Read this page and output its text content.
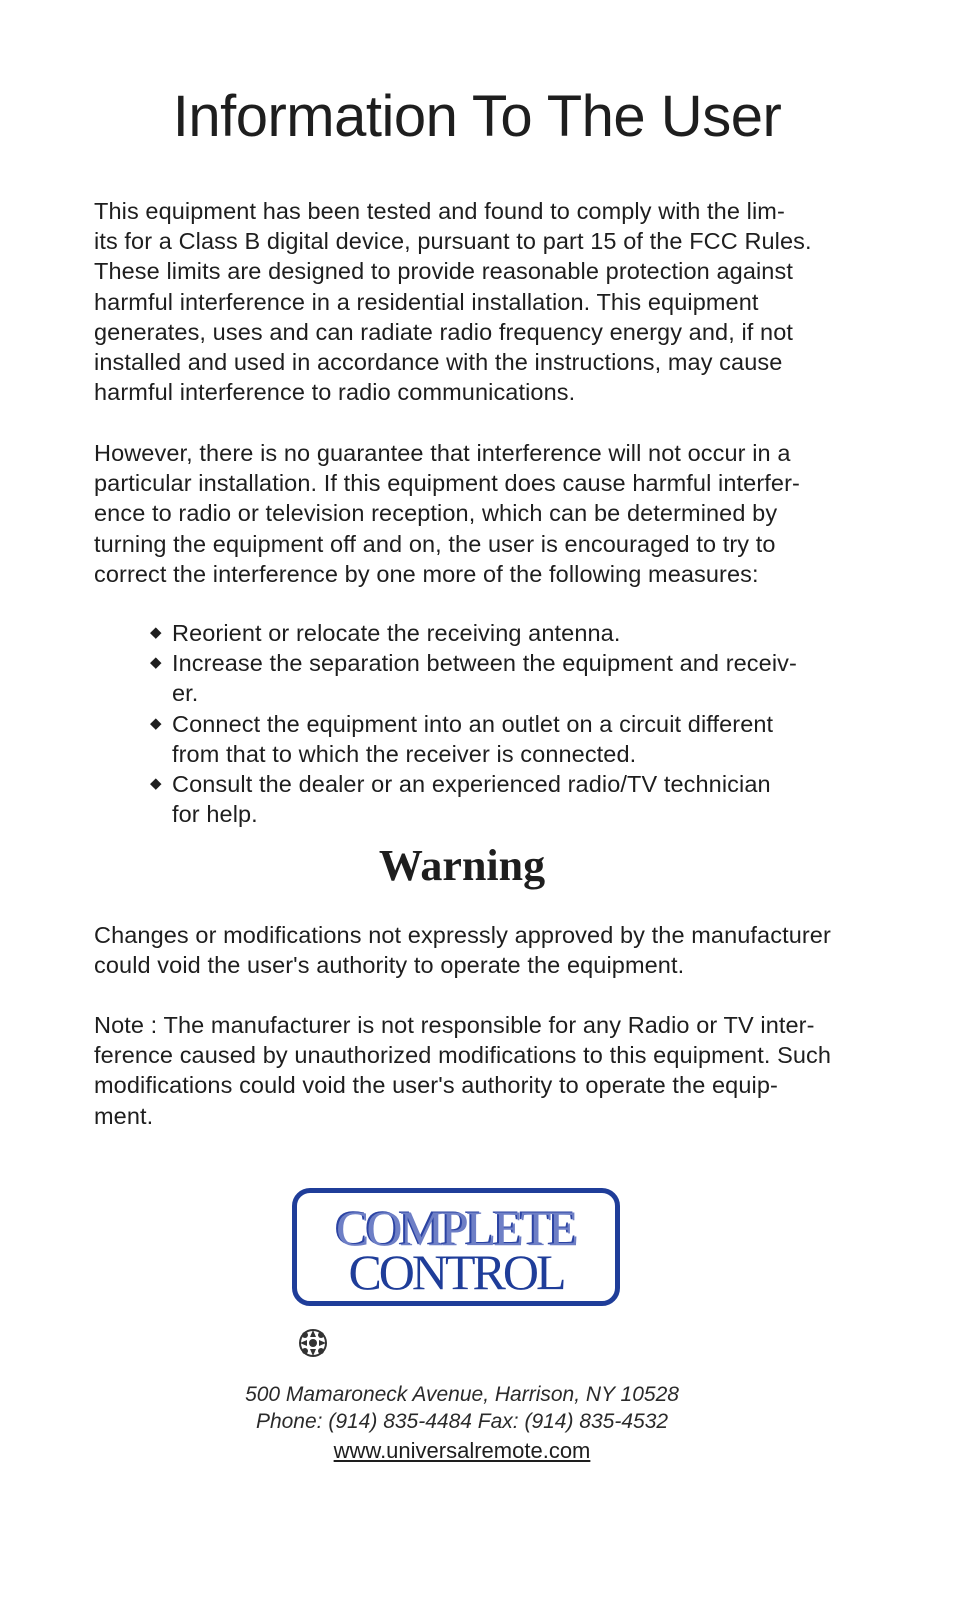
Information To The User

This equipment has been tested and found to comply with the lim-
its for a Class B digital device, pursuant to part 15 of the FCC Rules.
These limits are designed to provide reasonable protection against
harmful interference in a residential installation. This equipment
generates, uses and can radiate radio frequency energy and, if not
installed and used in accordance with the instructions, may cause
harmful interference to radio communications.

However, there is no guarantee that interference will not occur in a
particular installation. If this equipment does cause harmful interfer-
ence to radio or television reception, which can be determined by
turning the equipment off and on, the user is encouraged to try to
correct the interference by one more of the following measures:

◆ Reorient or relocate the receiving antenna.
◆ Increase the separation between the equipment and receiv-
er.
◆ Connect the equipment into an outlet on a circuit different
from that to which the receiver is connected.
◆ Consult the dealer or an experienced radio/TV technician
for help.
Warning

Changes or modifications not expressly approved by the manufacturer
could void the user's authority to operate the equipment.

Note : The manufacturer is not responsible for any Radio or TV inter-
ference caused by unauthorized modifications to this equipment. Such
modifications could void the user's authority to operate the equip-
ment.

COMPLETE
CONTROL

500 Mamaroneck Avenue, Harrison, NY 10528

Phone: (914) 835-4484 Fax: (914) 835-4532

www.universalremote.com
